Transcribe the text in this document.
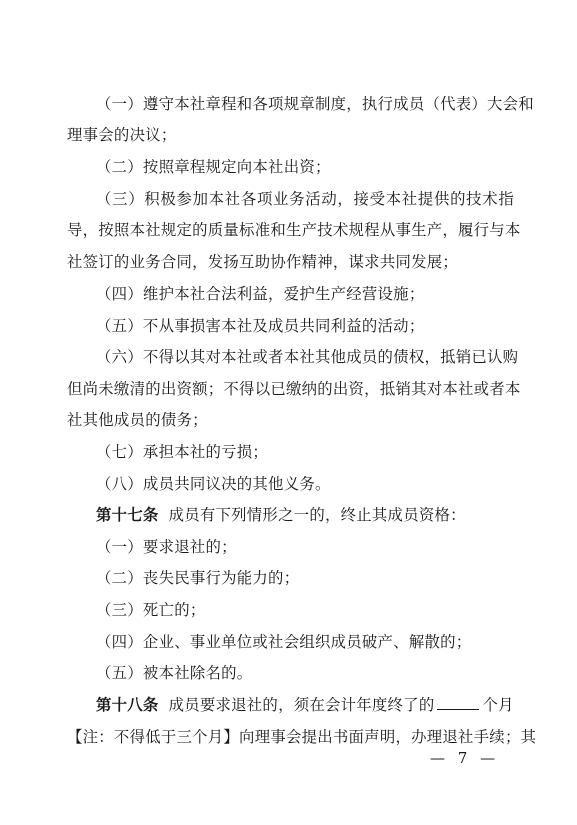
（一）遵守本社章程和各项规章制度，执行成员（代表）大会和
理事会的决议；
（二）按照章程规定向本社出资；
（三）积极参加本社各项业务活动，接受本社提供的技术指
导，按照本社规定的质量标准和生产技术规程从事生产，履行与本
社签订的业务合同，发扬互助协作精神，谋求共同发展；
（四）维护本社合法利益，爱护生产经营设施；
（五）不从事损害本社及成员共同利益的活动；
（六）不得以其对本社或者本社其他成员的债权，抵销已认购
但尚未缴清的出资额；不得以已缴纳的出资，抵销其对本社或者本
社其他成员的债务；
（七）承担本社的亏损；
（八）成员共同议决的其他义务。
第十七条 成员有下列情形之一的，终止其成员资格：
（一）要求退社的；
（二）丧失民事行为能力的；
（三）死亡的；
（四）企业、事业单位或社会组织成员破产、解散的；
（五）被本社除名的。
第十八条 成员要求退社的，须在会计年度终了的	个月
【注：不得低于三个月】向理事会提出书面声明，办理退社手续；其
— 7 —
